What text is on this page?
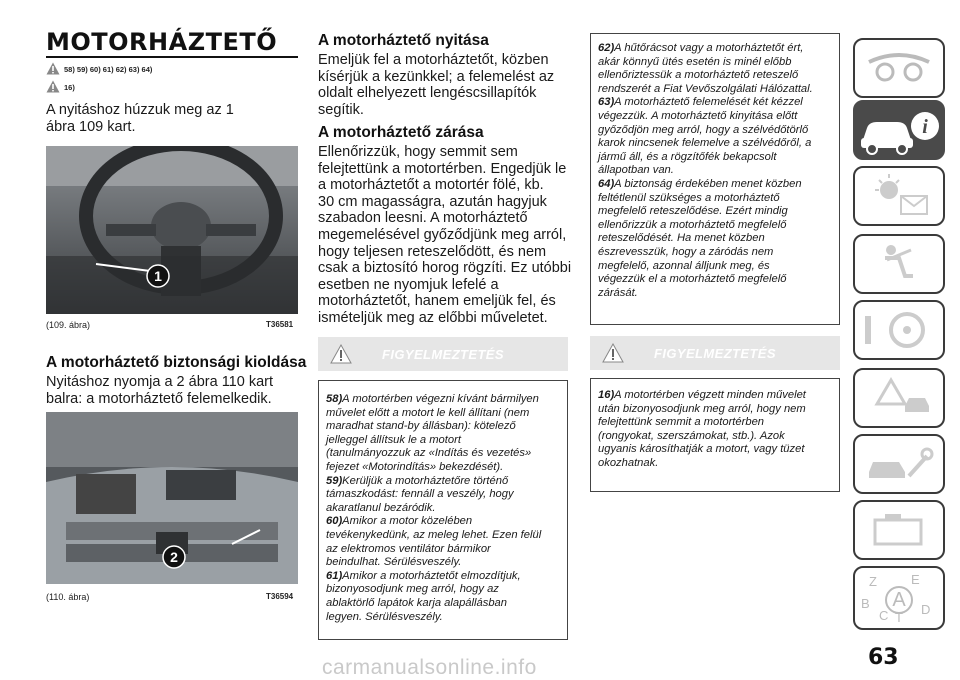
MOTORHÁZTETŐ
58) 59) 60) 61) 62) 63) 64)
16)
A nyitáshoz húzzuk meg az 1
ábra 109 kart.
1
(109. ábra)	T36581
A motorháztető biztonsági kioldása
Nyitáshoz nyomja a 2 ábra 110 kart
balra: a motorháztető felemelkedik.
2
(110. ábra)	T36594
A motorháztető nyitása
Emeljük fel a motorháztetőt, közben
kísérjük a kezünkkel; a felemelést az
oldalt elhelyezett lengéscsillapítók
segítik.
A motorháztető zárása
Ellenőrizzük, hogy semmit sem
felejtettünk a motortérben. Engedjük le
a motorháztetőt a motortér fölé, kb.
30 cm magasságra, azután hagyjuk
szabadon leesni. A motorháztető
megemelésével győződjünk meg arról,
hogy teljesen reteszelődött, és nem
csak a biztosító horog rögzíti. Ez utóbbi
esetben ne nyomjuk lefelé a
motorháztetőt, hanem emeljük fel, és
ismételjük meg az előbbi műveletet.
FIGYELMEZTETÉS
58)A motortérben végezni kívánt bármilyen
művelet előtt a motort le kell állítani (nem
maradhat stand-by állásban): kötelező
jelleggel állítsuk le a motort
(tanulmányozzuk az «Indítás és vezetés»
fejezet «Motorindítás» bekezdését).
59)Kerüljük a motorháztetőre történő
támaszkodást: fennáll a veszély, hogy
akaratlanul bezáródik.
60)Amikor a motor közelében
tevékenykedünk, az meleg lehet. Ezen felül
az elektromos ventilátor bármikor
beindulhat. Sérülésveszély.
61)Amikor a motorháztetőt elmozdítjuk,
bizonyosodjunk meg arról, hogy az
ablaktörlő lapátok karja alapállásban
legyen. Sérülésveszély.
62)A hűtőrácsot vagy a motorháztetőt ért,
akár könnyű ütés esetén is minél előbb
ellenőriztessük a motorháztető reteszelő
rendszerét a Fiat Vevőszolgálati Hálózattal.
63)A motorháztető felemelését két kézzel
végezzük. A motorháztető kinyitása előtt
győződjön meg arról, hogy a szélvédőtörlő
karok nincsenek felemelve a szélvédőről, a
jármű áll, és a rögzítőfék bekapcsolt
állapotban van.
64)A biztonság érdekében menet közben
feltétlenül szükséges a motorháztető
megfelelő reteszelődése. Ezért mindig
ellenőrizzük a motorháztető megfelelő
reteszelődését. Ha menet közben
észrevesszük, hogy a záródás nem
megfelelő, azonnal álljunk meg, és
végezzük el a motorháztető megfelelő
zárását.
FIGYELMEZTETÉS
16)A motortérben végzett minden művelet
után bizonyosodjunk meg arról, hogy nem
felejtettünk semmit a motortérben
(rongyokat, szerszámokat, stb.). Azok
ugyanis károsíthatják a motort, vagy tüzet
okozhatnak.
i
Z	E
B
C T
D
A
63
carmanualsonline.info
